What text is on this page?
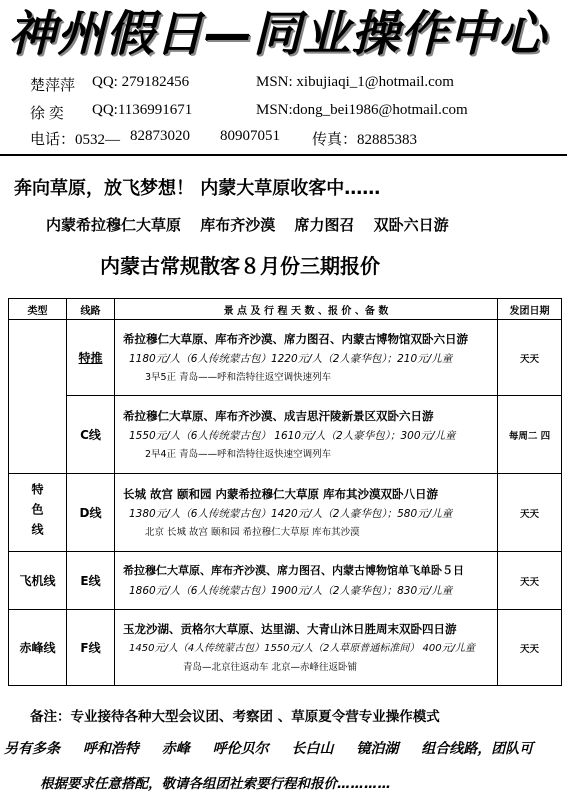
神州假日—同业操作中心
楚萍萍 QQ: 279182456	MSN: xibujiaqi_1@hotmail.com
徐 奕 QQ:1136991671	MSN:dong_bei1986@hotmail.com
电话：0532— 82873020 80907051 传真：82885383
奔向草原，放飞梦想！ 内蒙大草原收客中……
内蒙希拉穆仁大草原 库布齐沙漠 席力图召 双卧六日游
内蒙古常规散客８月份三期报价
类型	线路	景 点 及 行 程 天 数 、报 价 、备 数	发团日期
	特推	希拉穆仁大草原、库布齐沙漠、席力图召、内蒙古博物馆双卧六日游
1180元/人（6人传统蒙古包）1220元/人（2人豪华包）；210元/儿童
3早5正 青岛——呼和浩特往返空调快速列车	天天
	C线	希拉穆仁大草原、库布齐沙漠、成吉思汗陵新景区双卧六日游
1550元/人（6人传统蒙古包） 1610元/人（2人豪华包）；300元/儿童
2早4正 青岛——呼和浩特往返快速空调列车	每周二 四
特色线	D线	长城 故宫 颐和园 内蒙希拉穆仁大草原 库布其沙漠双卧八日游
1380元/人（6人传统蒙古包）1420元/人（2人豪华包）；580元/儿童
北京 长城 故宫 颐和园 希拉穆仁大草原 库布其沙漠	天天
飞机线	E线	希拉穆仁大草原、库布齐沙漠、席力图召、内蒙古博物馆单飞单卧５日
1860元/人（6人传统蒙古包）1900元/人（2人豪华包）；830元/儿童	天天
赤峰线	F线	玉龙沙湖、贡格尔大草原、达里湖、大青山沐日胜周末双卧四日游
1450元/人（4人传统蒙古包）1550元/人（2人草原普通标准间） 400元/儿童
青岛—北京往返动车 北京—赤峰往返卧铺	天天
备注：专业接待各种大型会议团、考察团 、草原夏令营专业操作模式
另有多条 呼和浩特 赤峰 呼伦贝尔 长白山 镜泊湖 组合线路，团队可
根据要求任意搭配，敬请各组团社索要行程和报价…………
